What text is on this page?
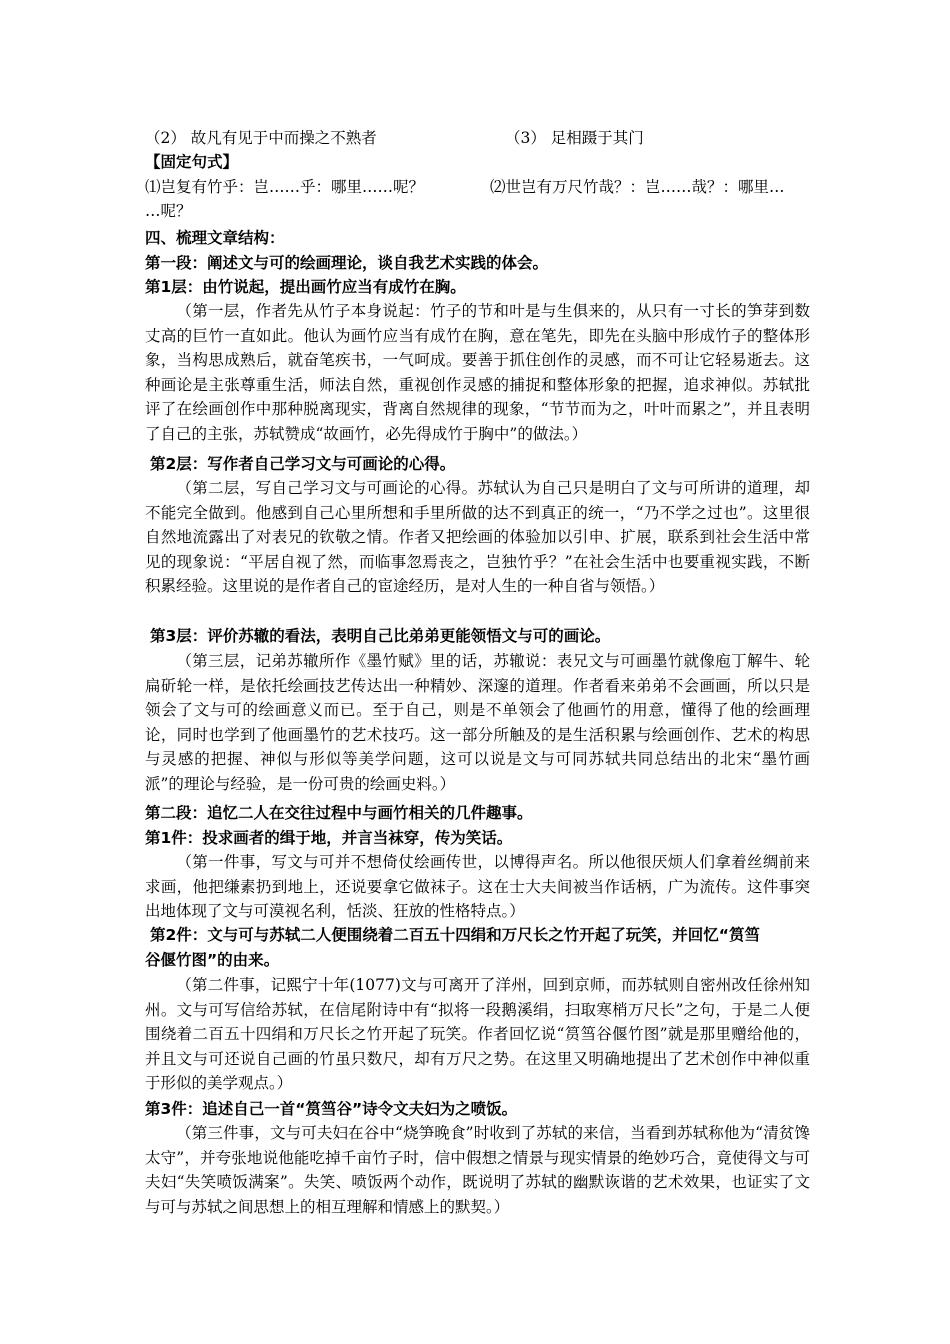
（2） 故凡有见于中而操之不熟者	（3） 足相蹑于其门
【固定句式】
⑴岂复有竹乎：岂……乎：哪里……呢？	⑵世岂有万尺竹哉？：岂……哉？：哪里…
…呢？
四、梳理文章结构：
第一段：阐述文与可的绘画理论，谈自我艺术实践的体会。
第1层：由竹说起，提出画竹应当有成竹在胸。
（第一层，作者先从竹子本身说起：竹子的节和叶是与生俱来的，从只有一寸长的笋芽到数丈高的巨竹一直如此。他认为画竹应当有成竹在胸，意在笔先，即先在头脑中形成竹子的整体形象，当构思成熟后，就奋笔疾书，一气呵成。要善于抓住创作的灵感，而不可让它轻易逝去。这种画论是主张尊重生活，师法自然，重视创作灵感的捕捉和整体形象的把握，追求神似。苏轼批评了在绘画创作中那种脱离现实，背离自然规律的现象，“节节而为之，叶叶而累之”，并且表明了自己的主张，苏轼赞成“故画竹，必先得成竹于胸中”的做法。）
第2层：写作者自己学习文与可画论的心得。
（第二层，写自己学习文与可画论的心得。苏轼认为自己只是明白了文与可所讲的道理，却不能完全做到。他感到自己心里所想和手里所做的达不到真正的统一，“乃不学之过也”。这里很自然地流露出了对表兄的钦敬之情。作者又把绘画的体验加以引申、扩展，联系到社会生活中常见的现象说：“平居自视了然，而临事忽焉丧之，岂独竹乎？”在社会生活中也要重视实践，不断积累经验。这里说的是作者自己的宦途经历，是对人生的一种自省与领悟。）
第3层：评价苏辙的看法，表明自己比弟弟更能领悟文与可的画论。
（第三层，记弟苏辙所作《墨竹赋》里的话，苏辙说：表兄文与可画墨竹就像庖丁解牛、轮扁斫轮一样，是依托绘画技艺传达出一种精妙、深邃的道理。作者看来弟弟不会画画，所以只是领会了文与可的绘画意义而已。至于自己，则是不单领会了他画竹的用意，懂得了他的绘画理论，同时也学到了他画墨竹的艺术技巧。这一部分所触及的是生活积累与绘画创作、艺术的构思与灵感的把握、神似与形似等美学问题，这可以说是文与可同苏轼共同总结出的北宋“墨竹画派”的理论与经验，是一份可贵的绘画史料。）
第二段：追忆二人在交往过程中与画竹相关的几件趣事。
第1件：投求画者的缉于地，并言当袜穿，传为笑话。
（第一件事，写文与可并不想倚仗绘画传世，以博得声名。所以他很厌烦人们拿着丝绸前来求画，他把缣素扔到地上，还说要拿它做袜子。这在士大夫间被当作话柄，广为流传。这件事突出地体现了文与可漠视名利，恬淡、狂放的性格特点。）
第2件：文与可与苏轼二人便围绕着二百五十四绢和万尺长之竹开起了玩笑，并回忆“筼筜
谷偃竹图”的由来。
（第二件事，记熙宁十年(1077)文与可离开了洋州，回到京师，而苏轼则自密州改任徐州知州。文与可写信给苏轼，在信尾附诗中有“拟将一段鹅溪绢，扫取寒梢万尺长”之句，于是二人便围绕着二百五十四绢和万尺长之竹开起了玩笑。作者回忆说“筼筜谷偃竹图”就是那里赠给他的，并且文与可还说自己画的竹虽只数尺，却有万尺之势。在这里又明确地提出了艺术创作中神似重于形似的美学观点。）
第3件：追述自己一首“筼筜谷”诗令文夫妇为之喷饭。
（第三件事，文与可夫妇在谷中“烧笋晚食”时收到了苏轼的来信，当看到苏轼称他为“清贫馋太守”，并夸张地说他能吃掉千亩竹子时，信中假想之情景与现实情景的绝妙巧合，竟使得文与可夫妇“失笑喷饭满案”。失笑、喷饭两个动作，既说明了苏轼的幽默诙谐的艺术效果，也证实了文与可与苏轼之间思想上的相互理解和情感上的默契。）
